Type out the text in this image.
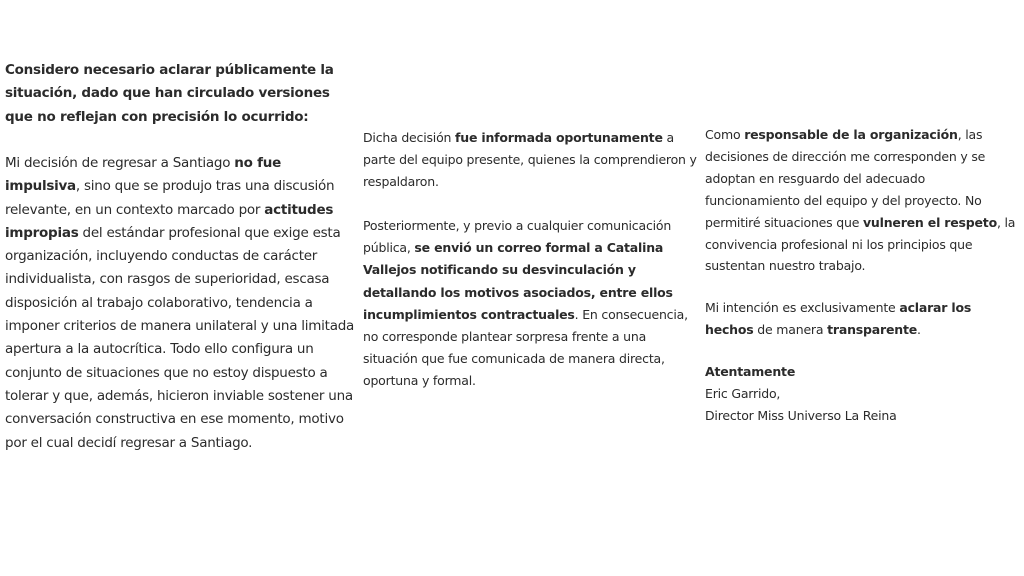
Considero necesario aclarar públicamente la situación, dado que han circulado versiones que no reflejan con precisión lo ocurrido:

Mi decisión de regresar a Santiago no fue impulsiva, sino que se produjo tras una discusión relevante, en un contexto marcado por actitudes impropias del estándar profesional que exige esta organización, incluyendo conductas de carácter individualista, con rasgos de superioridad, escasa disposición al trabajo colaborativo, tendencia a imponer criterios de manera unilateral y una limitada apertura a la autocrítica. Todo ello configura un conjunto de situaciones que no estoy dispuesto a tolerar y que, además, hicieron inviable sostener una conversación constructiva en ese momento, motivo por el cual decidí regresar a Santiago.

Dicha decisión fue informada oportunamente a parte del equipo presente, quienes la comprendieron y respaldaron.

Posteriormente, y previo a cualquier comunicación pública, se envió un correo formal a Catalina Vallejos notificando su desvinculación y detallando los motivos asociados, entre ellos incumplimientos contractuales. En consecuencia, no corresponde plantear sorpresa frente a una situación que fue comunicada de manera directa, oportuna y formal.

Como responsable de la organización, las decisiones de dirección me corresponden y se adoptan en resguardo del adecuado funcionamiento del equipo y del proyecto. No permitiré situaciones que vulneren el respeto, la convivencia profesional ni los principios que sustentan nuestro trabajo.

Mi intención es exclusivamente aclarar los hechos de manera transparente.

Atentamente
Eric Garrido,
Director Miss Universo La Reina
